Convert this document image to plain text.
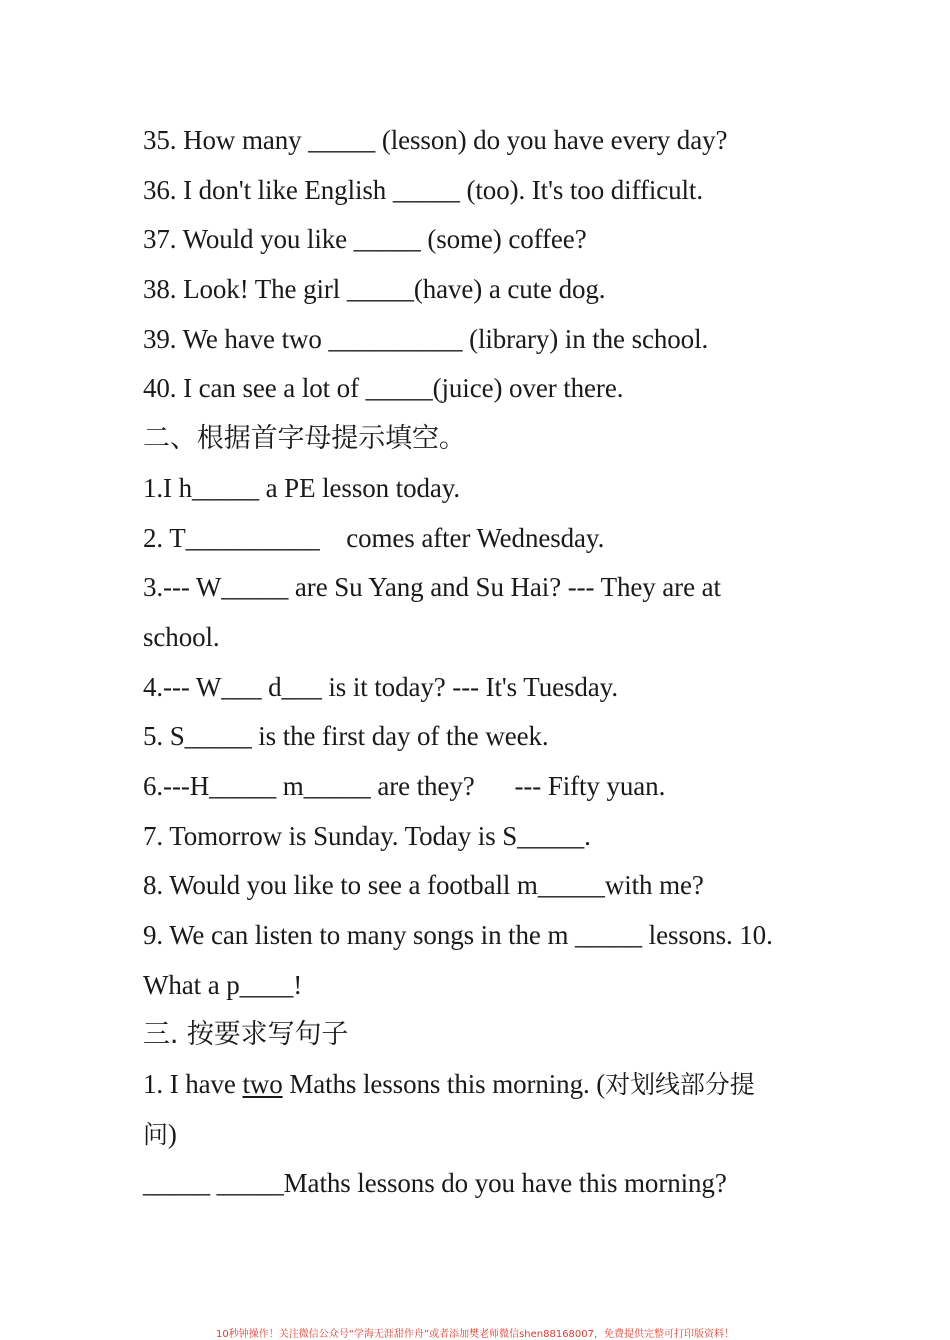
35. How many _____ (lesson) do you have every day?
36. I don't like English _____ (too). It's too difficult.
37. Would you like _____ (some) coffee?
38. Look! The girl _____(have) a cute dog.
39. We have two __________ (library) in the school.
40. I can see a lot of _____(juice) over there.
二、根据首字母提示填空。
1.I h_____ a PE lesson today.
2. T__________    comes after Wednesday.
3.--- W_____ are Su Yang and Su Hai? --- They are at
school.
4.--- W___ d___ is it today? --- It's Tuesday.
5. S_____ is the first day of the week.
6.---H_____ m_____ are they?      --- Fifty yuan.
7. Tomorrow is Sunday. Today is S_____.
8. Would you like to see a football m_____with me?
9. We can listen to many songs in the m _____ lessons. 10.
What a p____!
三. 按要求写句子
1. I have two Maths lessons this morning. (对划线部分提
问)
_____ _____Maths lessons do you have this morning?
10秒钟操作！关注微信公众号“学海无涯甜作舟”或者添加樊老师微信shen88168007，免费提供完整可打印版资料！
